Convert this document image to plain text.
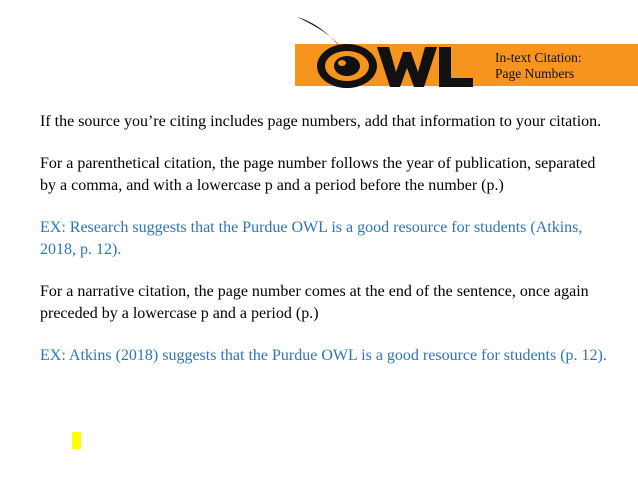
In-text Citation:
Page Numbers

If the source you’re citing includes page numbers, add that information to your citation.

For a parenthetical citation, the page number follows the year of publication, separated by a comma, and with a lowercase p and a period before the number (p.)

EX: Research suggests that the Purdue OWL is a good resource for students (Atkins, 2018, p. 12).

For a narrative citation, the page number comes at the end of the sentence, once again preceded by a lowercase p and a period (p.)

EX: Atkins (2018) suggests that the Purdue OWL is a good resource for students (p. 12).
